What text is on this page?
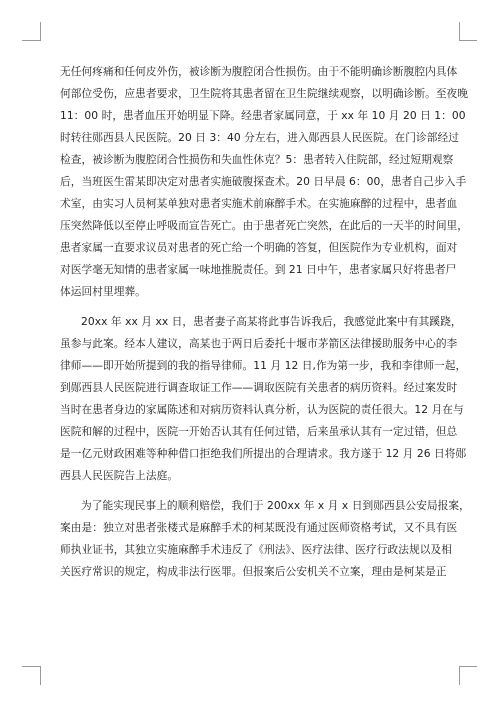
无任何疼痛和任何皮外伤，被诊断为腹腔闭合性损伤。由于不能明确诊断腹腔内具体
何部位受伤，应患者要求，卫生院将其患者留在卫生院继续观察，以明确诊断。至夜晚
11：00 时，患者血压开始明显下降。经患者家属同意，于 xx 年 10 月 20 日 1：00
时转往郧西县人民医院。20 日 3：40 分左右，进入郧西县人民医院。在门诊部经过
检查，被诊断为腹腔闭合性损伤和失血性休克？5：患者转入住院部，经过短期观察
后，当班医生雷某即决定对患者实施破腹探查术。20 日早晨 6：00，患者自己步入手
术室，由实习人员柯某单独对患者实施术前麻醉手术。在实施麻醉的过程中，患者血
压突然降低以至停止呼吸而宣告死亡。由于患者死亡突然，在此后的一天半的时间里，
患者家属一直要求议员对患者的死亡给一个明确的答复，但医院作为专业机构，面对
对医学毫无知情的患者家属一味地推脱责任。到 21 日中午，患者家属只好将患者尸
体运回村里埋葬。

20xx 年 xx 月 xx 日，患者妻子高某将此事告诉我后，我感觉此案中有其蹊跷，
虽参与此案。经本人建议，高某也于两日后委托十堰市茅箭区法律援助服务中心的李
律师——即开始所提到的我的指导律师。11 月 12 日,作为第一步，我和李律师一起，
到郧西县人民医院进行调查取证工作——调取医院有关患者的病历资料。经过案发时
当时在患者身边的家属陈述和对病历资料认真分析，认为医院的责任很大。12 月在与
医院和解的过程中，医院一开始否认其有任何过错，后来虽承认其有一定过错，但总
是一亿元财政困难等种种借口拒绝我们所提出的合理请求。我方遂于 12 月 26 日将郧
西县人民医院告上法庭。

为了能实现民事上的顺利赔偿，我们于 200xx 年 x 月 x 日到郧西县公安局报案，
案由是：独立对患者张楼式是麻醉手术的柯某既没有通过医师资格考试，又不具有医
师执业证书，其独立实施麻醉手术违反了《刑法》、医疗法律、医疗行政法规以及相
关医疗常识的规定，构成非法行医罪。但报案后公安机关不立案，理由是柯某是正
